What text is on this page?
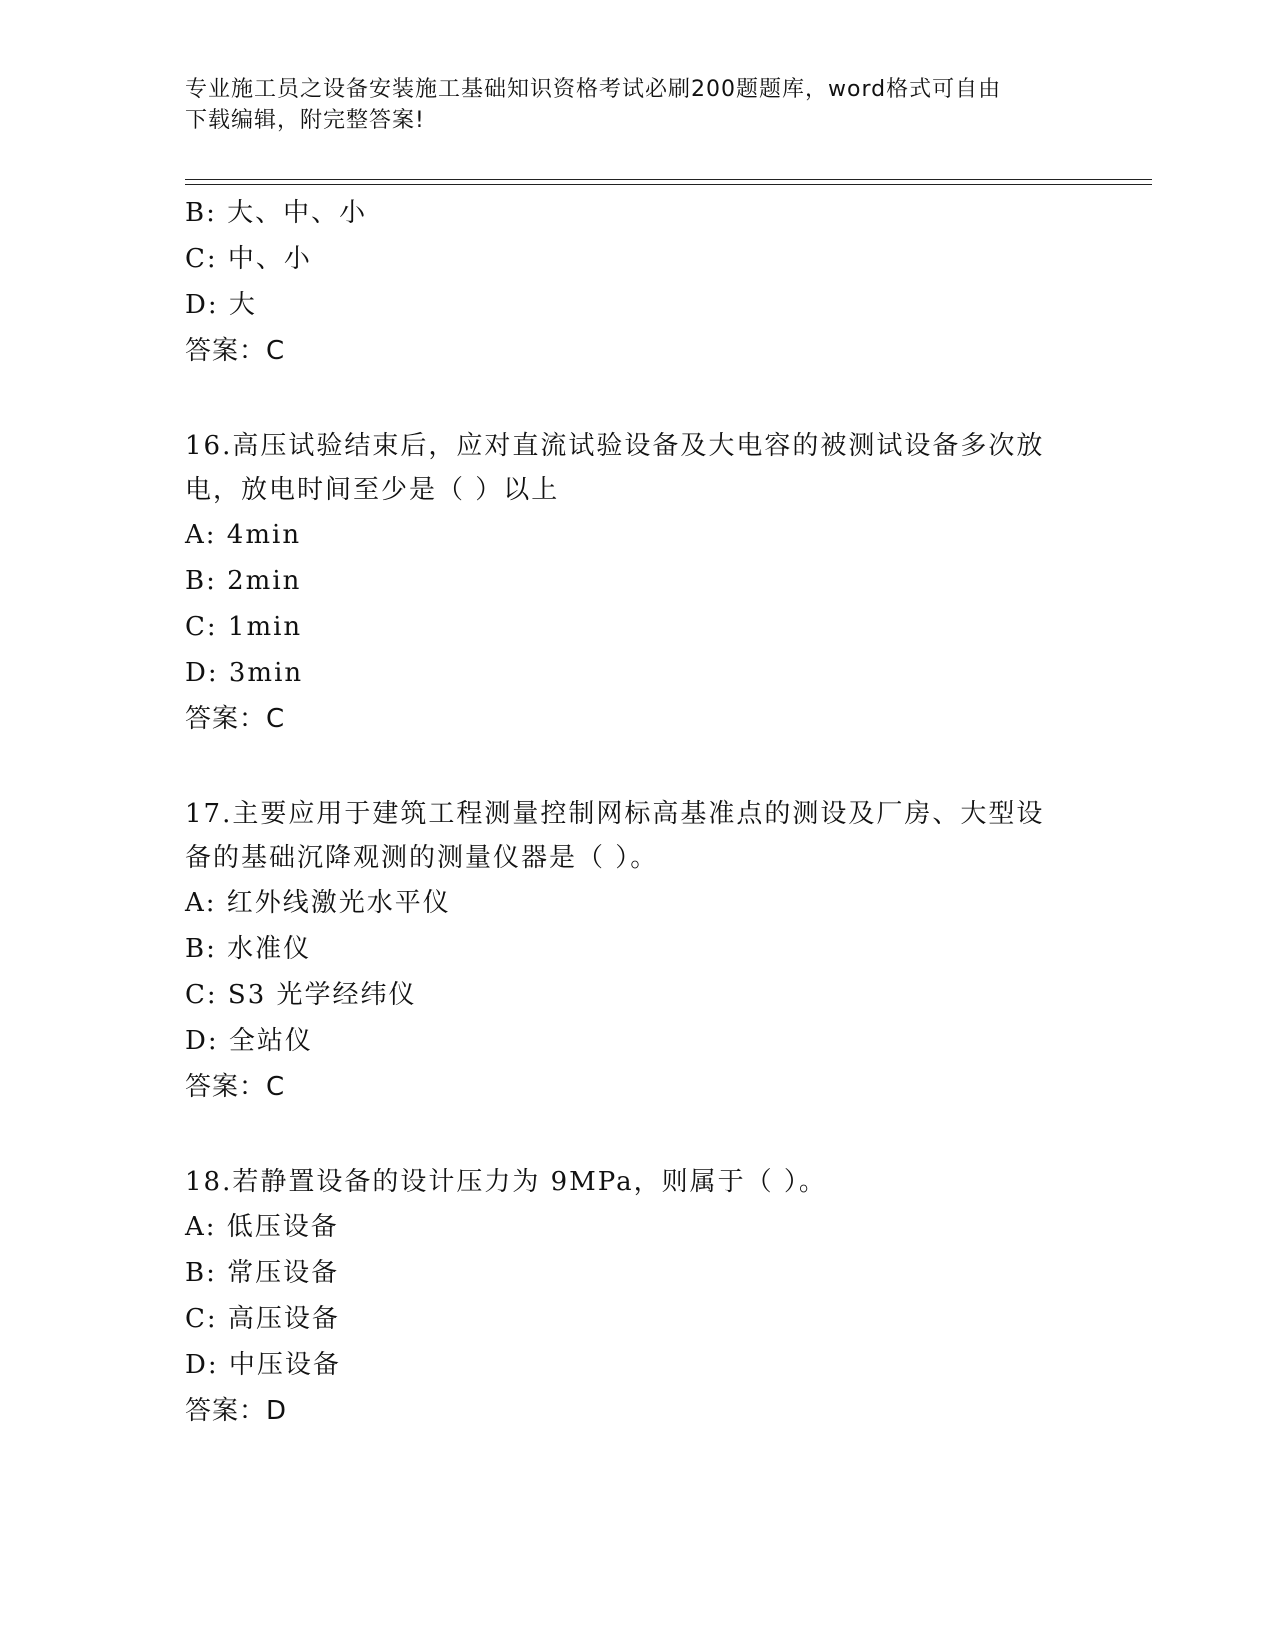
专业施工员之设备安装施工基础知识资格考试必刷200题题库，word格式可自由
下载编辑，附完整答案!
B: 大、中、小
C: 中、小
D: 大
答案：C
16.高压试验结束后，应对直流试验设备及大电容的被测试设备多次放
电，放电时间至少是（ ）以上
A: 4min
B: 2min
C: 1min
D: 3min
答案：C
17.主要应用于建筑工程测量控制网标高基准点的测设及厂房、大型设
备的基础沉降观测的测量仪器是（ ）。
A: 红外线激光水平仪
B: 水准仪
C: S3 光学经纬仪
D: 全站仪
答案：C
18.若静置设备的设计压力为 9MPa，则属于（ ）。
A: 低压设备
B: 常压设备
C: 高压设备
D: 中压设备
答案：D
